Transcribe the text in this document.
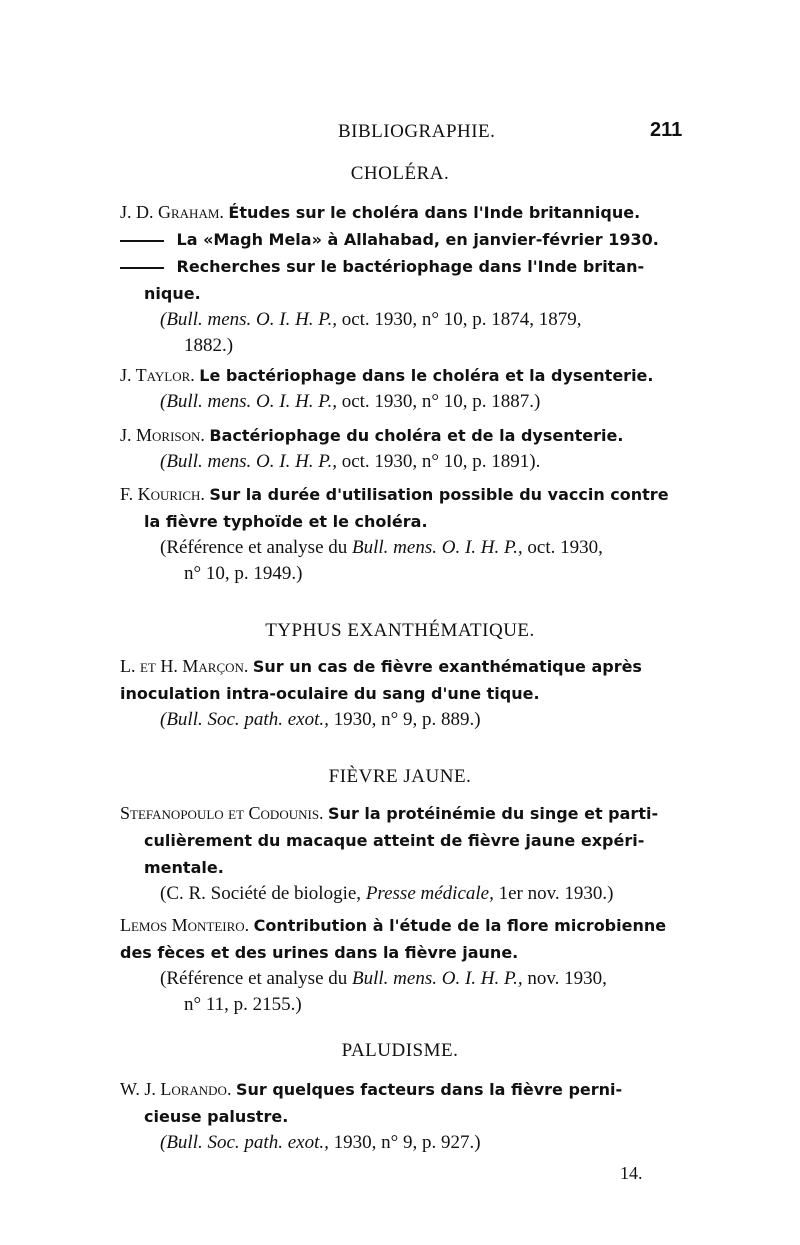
BIBLIOGRAPHIE.	211
CHOLÉRA.
J. D. Graham. Études sur le choléra dans l'Inde britannique.
La «Magh Mela» à Allahabad, en janvier-février 1930.
Recherches sur le bactériophage dans l'Inde britan-
nique.
(Bull. mens. O. I. H. P., oct. 1930, n° 10, p. 1874, 1879,
1882.)
J. Taylor. Le bactériophage dans le choléra et la dysenterie.
(Bull. mens. O. I. H. P., oct. 1930, n° 10, p. 1887.)
J. Morison. Bactériophage du choléra et de la dysenterie.
(Bull. mens. O. I. H. P., oct. 1930, n° 10, p. 1891).
F. Kourich. Sur la durée d'utilisation possible du vaccin contre
la fièvre typhoïde et le choléra.
(Référence et analyse du Bull. mens. O. I. H. P., oct. 1930,
n° 10, p. 1949.)
TYPHUS EXANTHÉMATIQUE.
L. et H. Marçon. Sur un cas de fièvre exanthématique après
inoculation intra-oculaire du sang d'une tique.
(Bull. Soc. path. exot., 1930, n° 9, p. 889.)
FIÈVRE JAUNE.
Stefanopoulo et Codounis. Sur la protéinémie du singe et parti-
culièrement du macaque atteint de fièvre jaune expéri-
mentale.
(C. R. Société de biologie, Presse médicale, 1er nov. 1930.)
Lemos Monteiro. Contribution à l'étude de la flore microbienne
des fèces et des urines dans la fièvre jaune.
(Référence et analyse du Bull. mens. O. I. H. P., nov. 1930,
n° 11, p. 2155.)
PALUDISME.
W. J. Lorando. Sur quelques facteurs dans la fièvre perni-
cieuse palustre.
(Bull. Soc. path. exot., 1930, n° 9, p. 927.)
14.
